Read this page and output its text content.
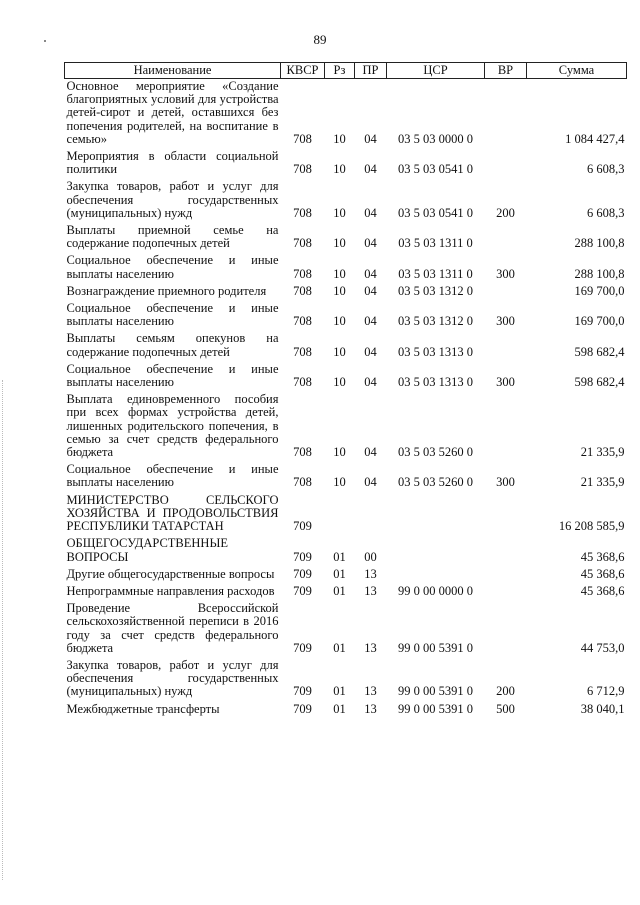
89
Наименование	КВСР	Рз	ПР	ЦСР	ВР	Сумма
Основное мероприятие «Создание благоприятных условий для устройства детей-сирот и детей, оставшихся без попечения родителей, на воспитание в семью»	708	10	04	03 5 03 0000 0		1 084 427,4
Мероприятия в области социальной политики	708	10	04	03 5 03 0541 0		6 608,3
Закупка товаров, работ и услуг для обеспечения государственных (муниципальных) нужд	708	10	04	03 5 03 0541 0	200	6 608,3
Выплаты приемной семье на содержание подопечных детей	708	10	04	03 5 03 1311 0		288 100,8
Социальное обеспечение и иные выплаты населению	708	10	04	03 5 03 1311 0	300	288 100,8
Вознаграждение приемного родителя	708	10	04	03 5 03 1312 0		169 700,0
Социальное обеспечение и иные выплаты населению	708	10	04	03 5 03 1312 0	300	169 700,0
Выплаты семьям опекунов на содержание подопечных детей	708	10	04	03 5 03 1313 0		598 682,4
Социальное обеспечение и иные выплаты населению	708	10	04	03 5 03 1313 0	300	598 682,4
Выплата единовременного пособия при всех формах устройства детей, лишенных родительского попечения, в семью за счет средств федерального бюджета	708	10	04	03 5 03 5260 0		21 335,9
Социальное обеспечение и иные выплаты населению	708	10	04	03 5 03 5260 0	300	21 335,9
МИНИСТЕРСТВО СЕЛЬСКОГО ХОЗЯЙСТВА И ПРОДОВОЛЬСТВИЯ РЕСПУБЛИКИ ТАТАРСТАН	709					16 208 585,9
ОБЩЕГОСУДАРСТВЕННЫЕ ВОПРОСЫ	709	01	00			45 368,6
Другие общегосударственные вопросы	709	01	13			45 368,6
Непрограммные направления расходов	709	01	13	99 0 00 0000 0		45 368,6
Проведение Всероссийской сельскохозяйственной переписи в 2016 году за счет средств федерального бюджета	709	01	13	99 0 00 5391 0		44 753,0
Закупка товаров, работ и услуг для обеспечения государственных (муниципальных) нужд	709	01	13	99 0 00 5391 0	200	6 712,9
Межбюджетные трансферты	709	01	13	99 0 00 5391 0	500	38 040,1
